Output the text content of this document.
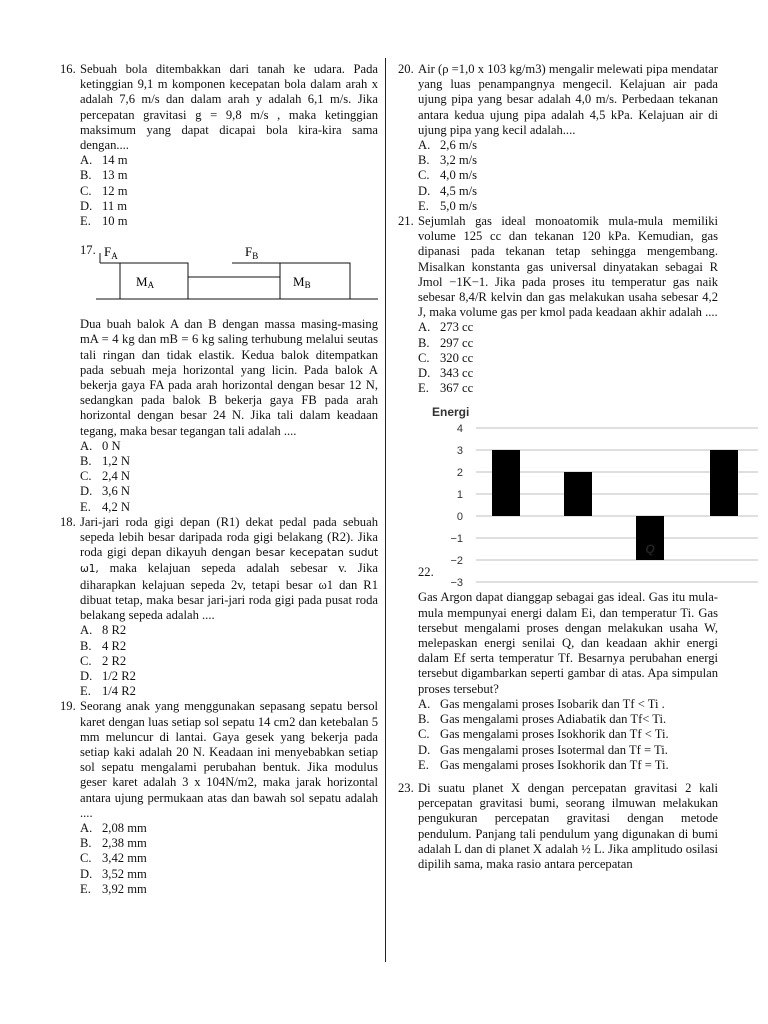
16. Sebuah bola ditembakkan dari tanah ke udara. Pada ketinggian 9,1 m komponen kecepatan bola dalam arah x adalah 7,6 m/s dan dalam arah y adalah 6,1 m/s. Jika percepatan gravitasi g = 9,8 m/s , maka ketinggian maksimum yang dapat dicapai bola kira-kira sama dengan....
A. 14 m
B. 13 m
C. 12 m
D. 11 m
E. 10 m
17. $F_A$	$F_B$
MA	MB
Dua buah balok A dan B dengan massa masing-masing mA = 4 kg dan mB = 6 kg saling terhubung melalui seutas tali ringan dan tidak elastik. Kedua balok ditempatkan pada sebuah meja horizontal yang licin. Pada balok A bekerja gaya FA pada arah horizontal dengan besar 12 N, sedangkan pada balok B bekerja gaya FB pada arah horizontal dengan besar 24 N. Jika tali dalam keadaan tegang, maka besar tegangan tali adalah ....
A. 0 N
B. 1,2 N
C. 2,4 N
D. 3,6 N
E. 4,2 N
18. Jari-jari roda gigi depan (R1) dekat pedal pada sebuah sepeda lebih besar daripada roda gigi belakang (R2). Jika roda gigi depan dikayuh dengan besar kecepatan sudut ω1, maka kelajuan sepeda adalah sebesar v. Jika diharapkan kelajuan sepeda 2v, tetapi besar ω1 dan R1 dibuat tetap, maka besar jari-jari roda gigi pada pusat roda belakang sepeda adalah ....
A. 8 R2
B. 4 R2
C. 2 R2
D. 1/2 R2
E. 1/4 R2
19. Seorang anak yang menggunakan sepasang sepatu bersol karet dengan luas setiap sol sepatu 14 cm2 dan ketebalan 5 mm meluncur di lantai. Gaya gesek yang bekerja pada setiap kaki adalah 20 N. Keadaan ini menyebabkan setiap sol sepatu mengalami perubahan bentuk. Jika modulus geser karet adalah 3 x 104N/m2, maka jarak horizontal antara ujung permukaan atas dan bawah sol sepatu adalah ....
A. 2,08 mm
B. 2,38 mm
C. 3,42 mm
D. 3,52 mm
E. 3,92 mm
20. Air (ρ =1,0 x 103 kg/m3) mengalir melewati pipa mendatar yang luas penampangnya mengecil. Kelajuan air pada ujung pipa yang besar adalah 4,0 m/s. Perbedaan tekanan antara kedua ujung pipa adalah 4,5 kPa. Kelajuan air di ujung pipa yang kecil adalah....
A. 2,6 m/s
B. 3,2 m/s
C. 4,0 m/s
D. 4,5 m/s
E. 5,0 m/s
21. Sejumlah gas ideal monoatomik mula-mula memiliki volume 125 cc dan tekanan 120 kPa. Kemudian, gas dipanasi pada tekanan tetap sehingga mengembang. Misalkan konstanta gas universal dinyatakan sebagai R Jmol −1K−1. Jika pada proses itu temperatur gas naik sebesar 8,4/R kelvin dan gas melakukan usaha sebesar 4,2 J, maka volume gas per kmol pada keadaan akhir adalah ....
A. 273 cc
B. 297 cc
C. 320 cc
D. 343 cc
E. 367 cc
Energi
4
3
2
1
0
−1
−2
−3
$E_i$	W
Q
$E_f$
22.
Gas Argon dapat dianggap sebagai gas ideal. Gas itu mula-mula mempunyai energi dalam Ei, dan temperatur Ti. Gas tersebut mengalami proses dengan melakukan usaha W, melepaskan energi senilai Q, dan keadaan akhir energi dalam Ef serta temperatur Tf. Besarnya perubahan energi tersebut digambarkan seperti gambar di atas. Apa simpulan proses tersebut?
A. Gas mengalami proses Isobarik dan Tf < Ti .
B. Gas mengalami proses Adiabatik dan Tf< Ti.
C. Gas mengalami proses Isokhorik dan Tf < Ti.
D. Gas mengalami proses Isotermal dan Tf = Ti.
E. Gas mengalami proses Isokhorik dan Tf = Ti.
23. Di suatu planet X dengan percepatan gravitasi 2 kali percepatan gravitasi bumi, seorang ilmuwan melakukan pengukuran percepatan gravitasi dengan metode pendulum. Panjang tali pendulum yang digunakan di bumi adalah L dan di planet X adalah ½ L. Jika amplitudo osilasi dipilih sama, maka rasio antara percepatan
